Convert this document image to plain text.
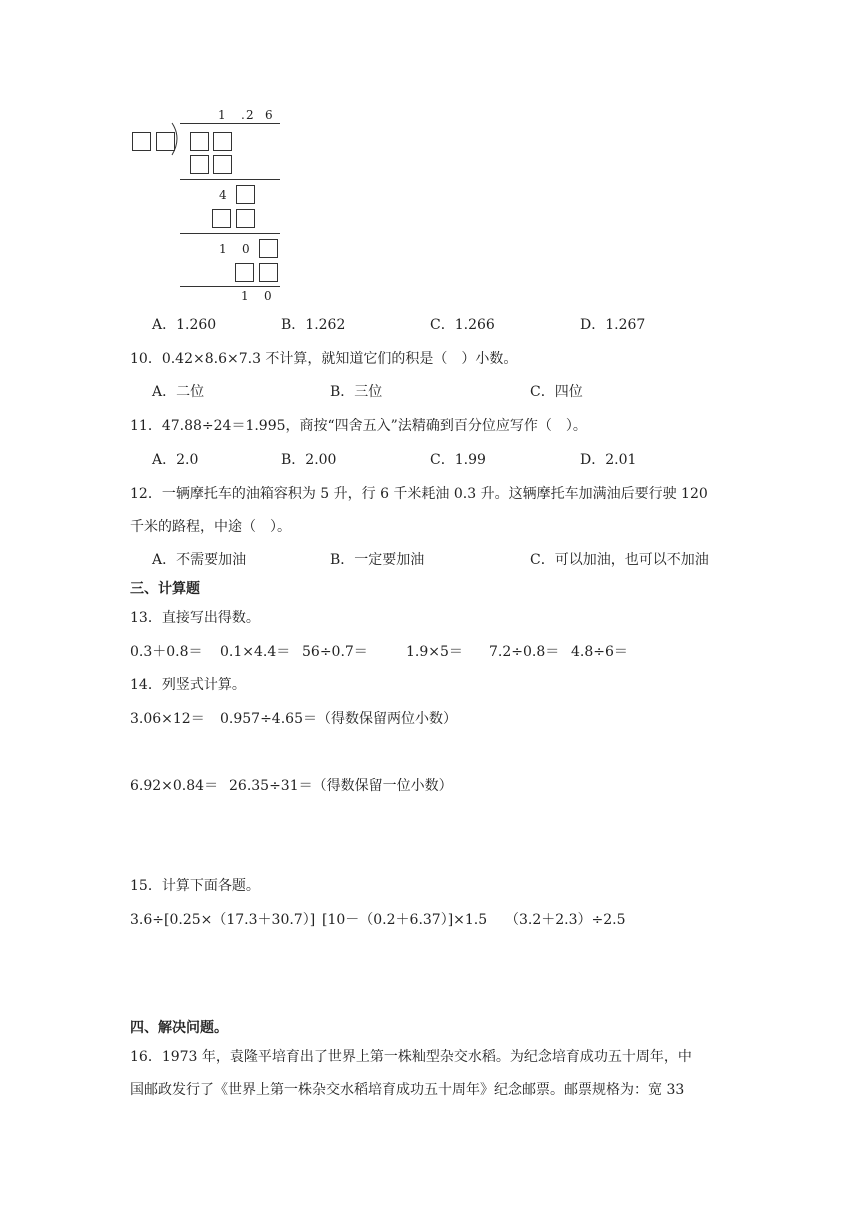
1 . 2 6
4
1 0
1 0
A．1.260	B．1.262	C．1.266	D．1.267
10．0.42×8.6×7.3 不计算，就知道它们的积是（　）小数。
A．二位	B．三位	C．四位
11．47.88÷24＝1.995，商按“四舍五入”法精确到百分位应写作（　）。
A．2.0	B．2.00	C．1.99	D．2.01
12．一辆摩托车的油箱容积为 5 升，行 6 千米耗油 0.3 升。这辆摩托车加满油后要行驶 120
千米的路程，中途（　）。
A．不需要加油	B．一定要加油	C．可以加油，也可以不加油
三、计算题
13．直接写出得数。
0.3＋0.8＝ 0.1×4.4＝ 56÷0.7＝	1.9×5＝ 7.2÷0.8＝ 4.8÷6＝
14．列竖式计算。
3.06×12＝ 0.957÷4.65＝（得数保留两位小数）
6.92×0.84＝ 26.35÷31＝（得数保留一位小数）
15．计算下面各题。
3.6÷[0.25×（17.3＋30.7）] [10－（0.2＋6.37）]×1.5 （3.2＋2.3）÷2.5
四、解决问题。
16．1973 年，袁隆平培育出了世界上第一株籼型杂交水稻。为纪念培育成功五十周年，中
国邮政发行了《世界上第一株杂交水稻培育成功五十周年》纪念邮票。邮票规格为：宽 33
